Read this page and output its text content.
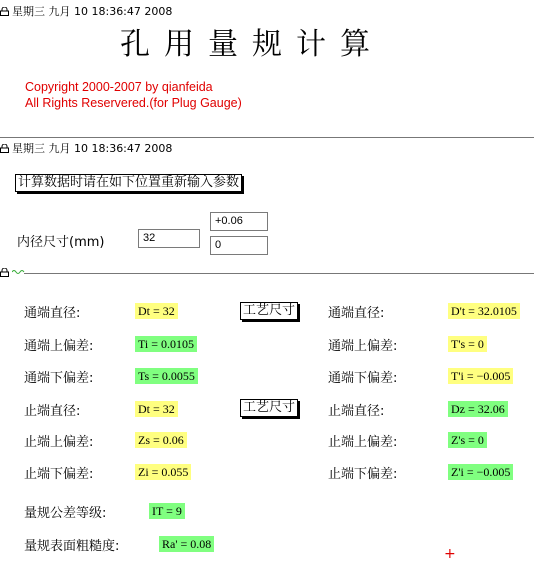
星期三 九月 10 18:36:47 2008
孔用量规计算
Copyright 2000-2007 by qianfeida
All Rights Reservered.(for Plug Gauge)
星期三 九月 10 18:36:47 2008
计算数据时请在如下位置重新输入参数
内径尺寸(mm)	32
+0.06
0
通端直径:	Dt = 32
通端上偏差:	Ti = 0.0105
通端下偏差:	Ts = 0.0055
止端直径:	Dt = 32
止端上偏差:	Zs = 0.06
止端下偏差:	Zi = 0.055
工艺尺寸
工艺尺寸
通端直径:	D't = 32.0105
通端上偏差:	T's = 0
通端下偏差:	T'i = −0.005
止端直径:	Dz = 32.06
止端上偏差:	Z's = 0
止端下偏差:	Z'i = −0.005
量规公差等级:	IT = 9
量规表面粗糙度:	Ra' = 0.08
+
